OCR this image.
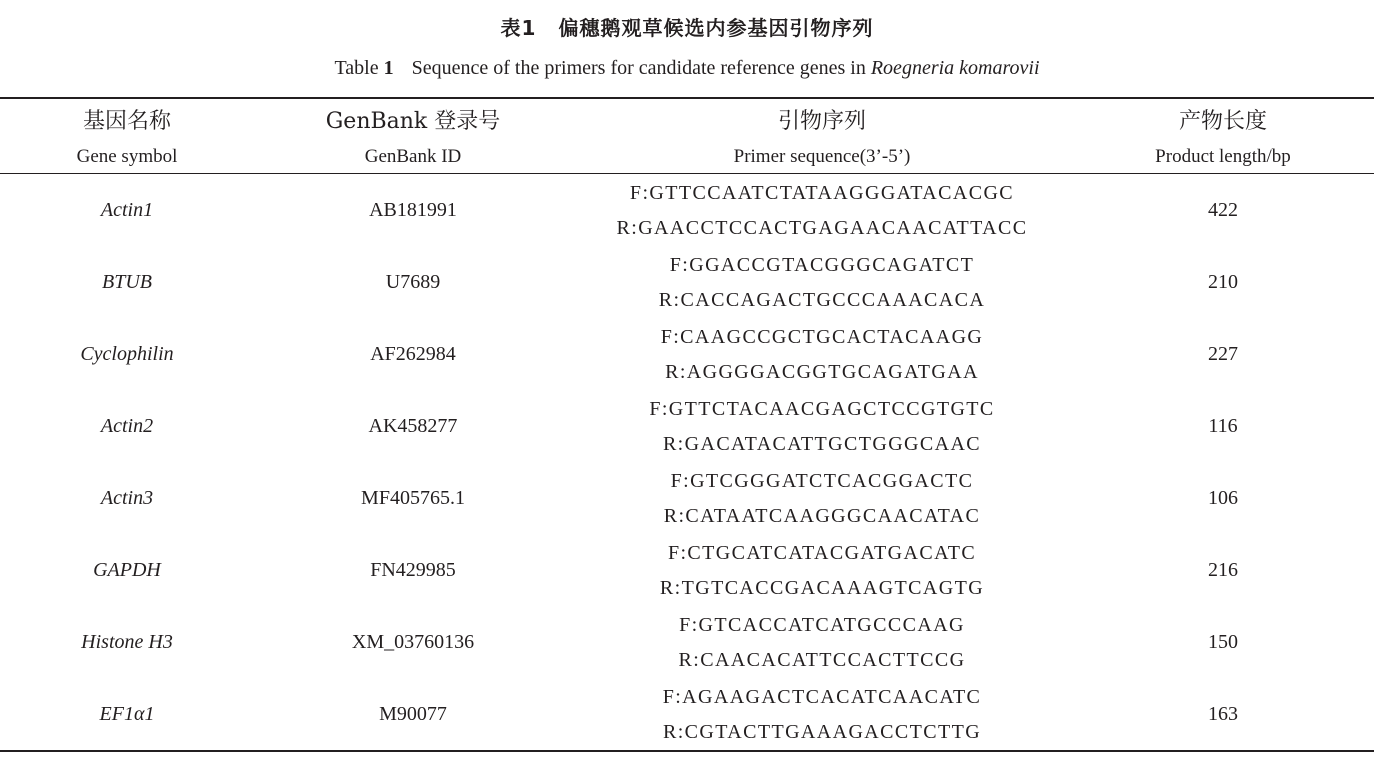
表1 偏穗鹅观草候选内参基因引物序列
Table 1 Sequence of the primers for candidate reference genes in Roegneria komarovii
基因名称	GenBank 登录号	引物序列	产物长度
Gene symbol	GenBank ID	Primer sequence(3’-5’)	Product length/bp
Actin1	AB181991	F:GTTCCAATCTATAAGGGATACACGC
R:GAACCTCCACTGAGAACAACATTACC	422
BTUB	U7689	F:GGACCGTACGGGCAGATCT
R:CACCAGACTGCCCAAACACA	210
Cyclophilin	AF262984	F:CAAGCCGCTGCACTACAAGG
R:AGGGGACGGTGCAGATGAA	227
Actin2	AK458277	F:GTTCTACAACGAGCTCCGTGTC
R:GACATACATTGCTGGGCAAC	116
Actin3	MF405765.1	F:GTCGGGATCTCACGGACTC
R:CATAATCAAGGGCAACATAC	106
GAPDH	FN429985	F:CTGCATCATACGATGACATC
R:TGTCACCGACAAAGTCAGTG	216
Histone H3	XM_03760136	F:GTCACCATCATGCCCAAG
R:CAACACATTCCACTTCCG	150
EF1α1	M90077	F:AGAAGACTCACATCAACATC
R:CGTACTTGAAAGACCTCTTG	163
